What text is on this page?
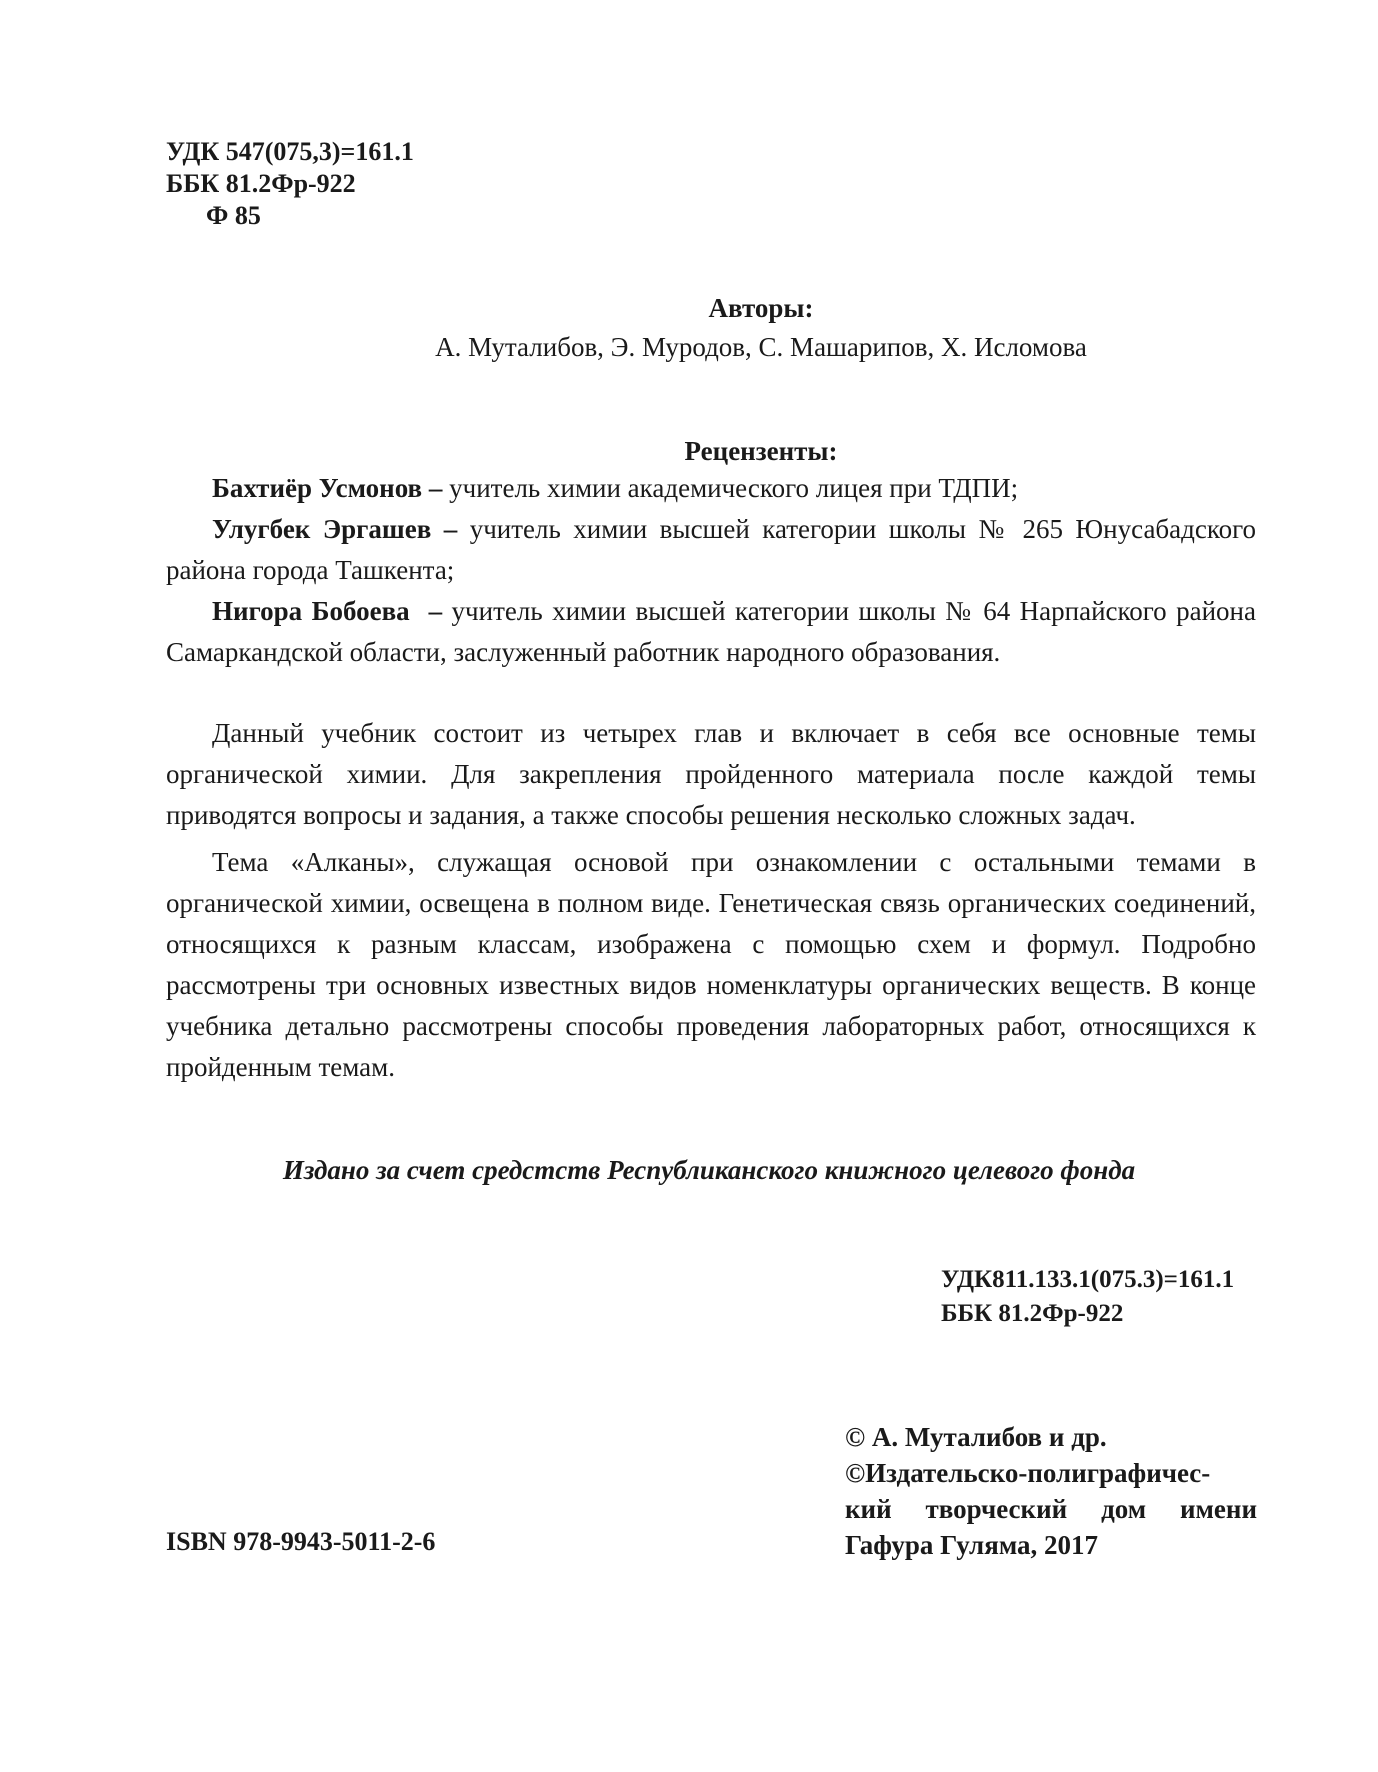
УДК 547(075,3)=161.1
ББК 81.2Фр-922
Ф 85
Авторы:
А. Муталибов, Э. Муродов, С. Машарипов, Х. Исломова
Рецензенты:

Бахтиёр Усмонов – учитель химии академического лицея при ТДПИ;

Улугбек Эргашев – учитель химии высшей категории школы № 265 Юнусабадского района города Ташкента;

Нигора Бобоева  – учитель химии высшей категории школы № 64 Нарпайского района Самаркандской области, заслуженный работник народного образования.

Данный учебник состоит из четырех глав и включает в себя все основные темы органической химии. Для закрепления пройденного материала после каждой темы приводятся вопросы и задания, а также способы решения несколько сложных задач.

Тема «Алканы», служащая основой при ознакомлении с остальными темами в органической химии, освещена в полном виде. Генетическая связь органических соединений, относящихся к разным классам, изображена с помощью схем и формул. Подробно рассмотрены три основных известных видов номенклатуры органических веществ. В конце учебника детально рассмотрены способы проведения лабораторных работ, относящихся к пройденным темам.

Издано за счет средстств Республиканского книжного целевого фонда
УДК811.133.1(075.3)=161.1
ББК 81.2Фр-922
© А. Муталибов и др.
©Издательско-полиграфичес-
кий творческий дом имени
Гафура Гуляма, 2017
ISBN 978-9943-5011-2-6
